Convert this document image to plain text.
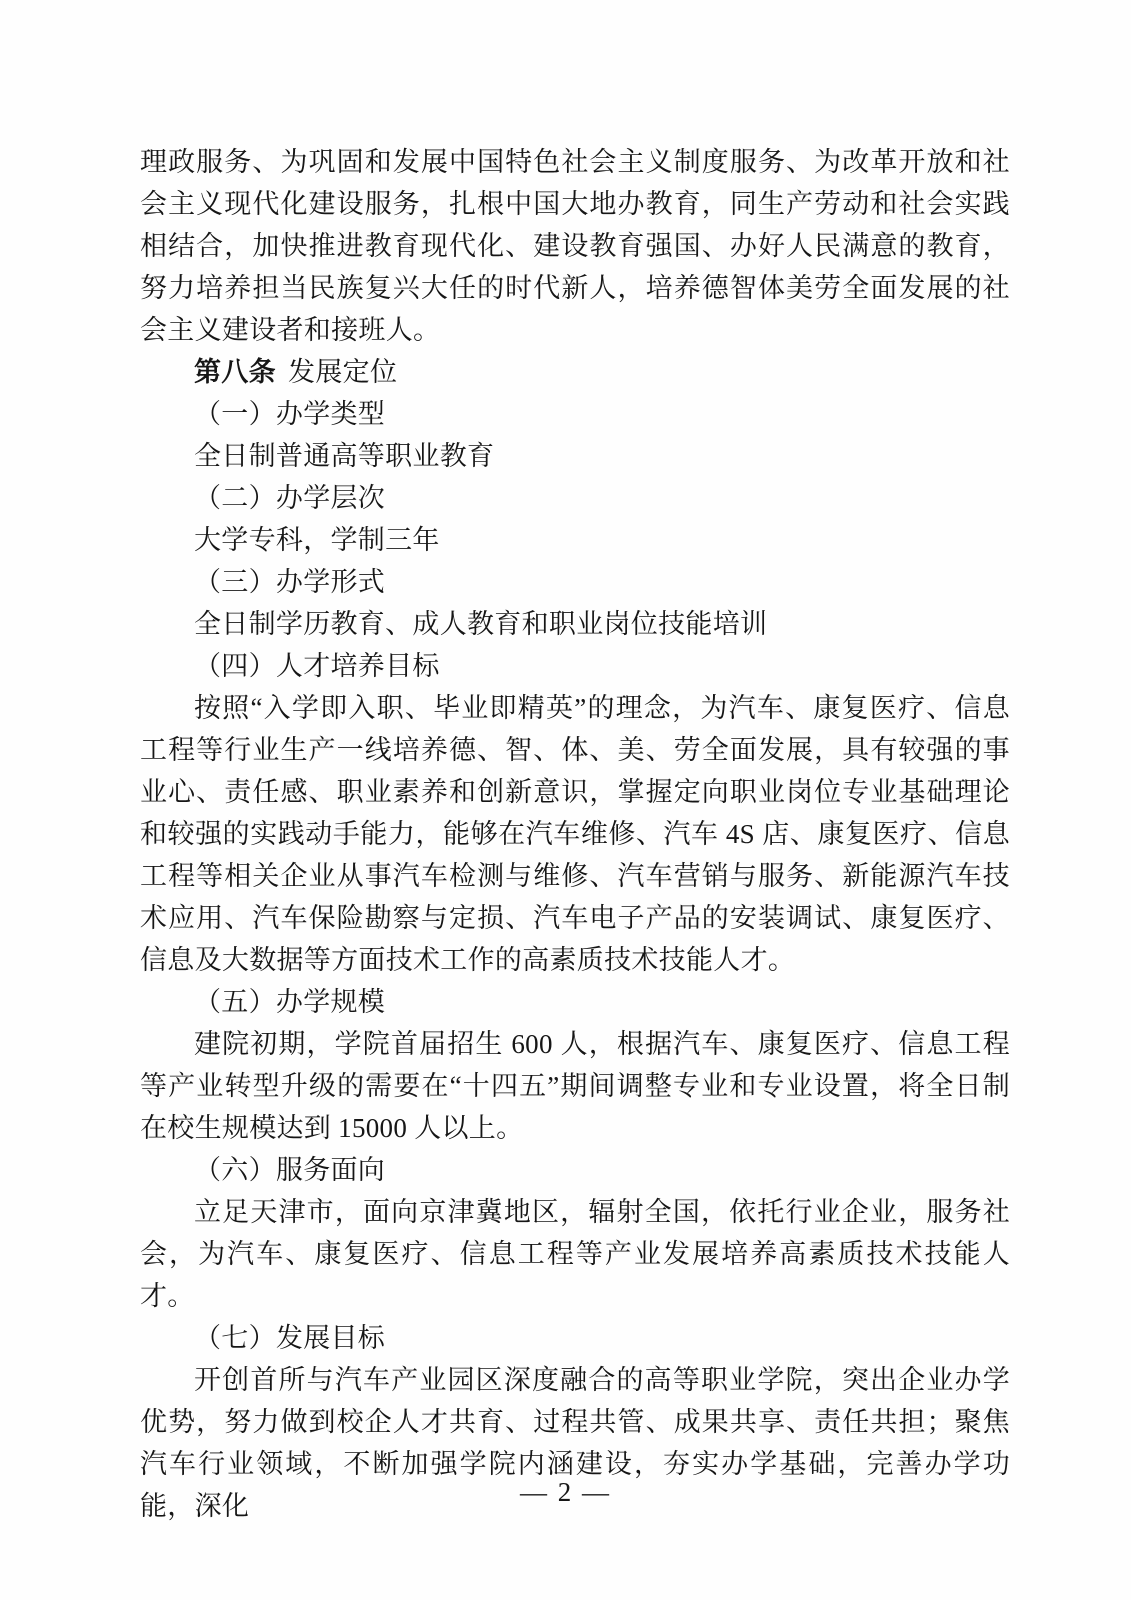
理政服务、为巩固和发展中国特色社会主义制度服务、为改革开放和社会主义现代化建设服务，扎根中国大地办教育，同生产劳动和社会实践相结合，加快推进教育现代化、建设教育强国、办好人民满意的教育，努力培养担当民族复兴大任的时代新人，培养德智体美劳全面发展的社会主义建设者和接班人。

第八条 发展定位

（一）办学类型

全日制普通高等职业教育

（二）办学层次

大学专科，学制三年

（三）办学形式

全日制学历教育、成人教育和职业岗位技能培训

（四）人才培养目标

按照“入学即入职、毕业即精英”的理念，为汽车、康复医疗、信息工程等行业生产一线培养德、智、体、美、劳全面发展，具有较强的事业心、责任感、职业素养和创新意识，掌握定向职业岗位专业基础理论和较强的实践动手能力，能够在汽车维修、汽车 4S 店、康复医疗、信息工程等相关企业从事汽车检测与维修、汽车营销与服务、新能源汽车技术应用、汽车保险勘察与定损、汽车电子产品的安装调试、康复医疗、信息及大数据等方面技术工作的高素质技术技能人才。

（五）办学规模

建院初期，学院首届招生 600 人，根据汽车、康复医疗、信息工程等产业转型升级的需要在“十四五”期间调整专业和专业设置，将全日制在校生规模达到 15000 人以上。

（六）服务面向

立足天津市，面向京津冀地区，辐射全国，依托行业企业，服务社会，为汽车、康复医疗、信息工程等产业发展培养高素质技术技能人才。

（七）发展目标

开创首所与汽车产业园区深度融合的高等职业学院，突出企业办学优势，努力做到校企人才共育、过程共管、成果共享、责任共担；聚焦汽车行业领域，不断加强学院内涵建设，夯实办学基础，完善办学功能，深化	— 2 —
